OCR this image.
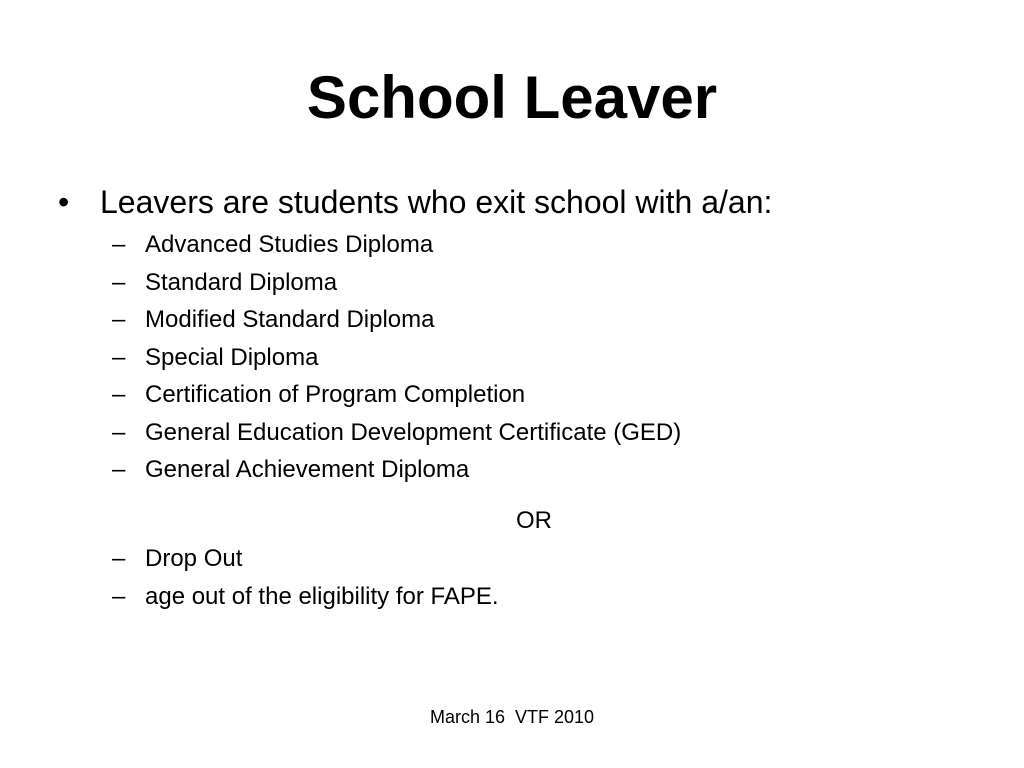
School Leaver
• Leavers are students who exit school with a/an:
– Advanced Studies Diploma
– Standard Diploma
– Modified Standard Diploma
– Special Diploma
– Certification of Program Completion
– General Education Development Certificate (GED)
– General Achievement Diploma
OR
– Drop Out
– age out of the eligibility for FAPE.
March 16  VTF 2010
